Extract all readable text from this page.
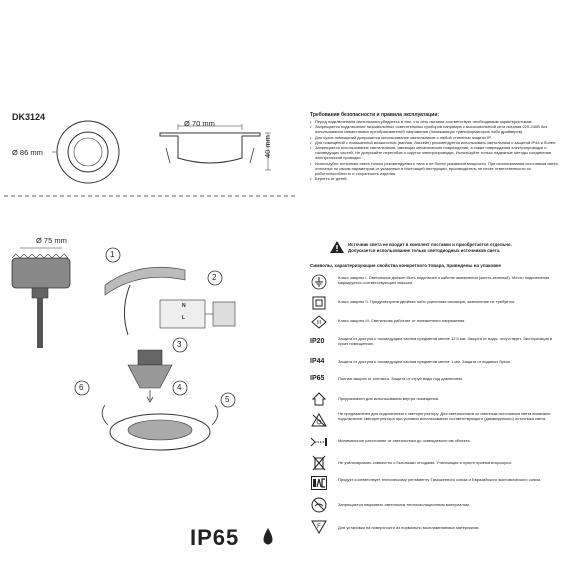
DK3124
Ø 86 mm
Ø 70 mm
40 mm
Ø 75 mm
1
2
3
4
5
6
N
L
IP65
Требования безопасности и правила эксплуатации:
• Перед подключением светильника убедитесь в том, что сеть питания соответствует необходимым характеристикам.
• Запрещается подключение низковольтных осветительных приборов напрямую к высоковольтной сети питания 220-240В без использования совместимых преобразователей напряжения (понижающих трансформаторов либо драйверов).
• Для сухих помещений допускается использование светильников с любой степенью защиты IP.
• Для помещений с повышенной влажностью (ванная, бассейн) рекомендуется использовать светильники с защитой IP44 и более.
• Запрещается использование светильников, имеющих механические повреждения, а также повреждения электропроводки и токоведущих частей. Не допускайте перегибов и скруток электропроводки. Используйте только надежные методы соединения электрической проводки.
• Используйте источники света только рекомендуемого типа и не более указанной мощности. При использовании источников света, отличных по своим параметрам от указанных в настоящей инструкции, производитель не несет ответственности за работоспособность и сохранность изделия.
• Берегть от детей.
Источник света не входит в комплект поставки и приобретается отдельно.
Допускается использование только светодиодных источников света.
Символы, характеризующие свойства конкретного товара, приведены на упаковке
Класс защиты I. Светильник должен быть подключен к кабелю заземления (желто-зеленый). Место подключения маркируется соответствующим значком.
Класс защиты II. Предусмотрена двойная либо усиленная изоляция, заземление не требуется.
III	Класс защиты III. Светильник работает от пониженного напряжения.
IP20	Защита от доступа к токоведущим частям предметов менее 12,5 мм. Защита от воды: отсутствует. Эксплуатация в сухих помещениях.
IP44	Защита от доступа к токоведущим частям предметов менее 1 мм. Защита от водяных брызг.
IP65	Полная защита от контакта. Защита от струй воды под давлением.
Предназначен для использования внутри помещения.
Не предназначен для подключения к светорегулятору. Для светильников со сменным источником света возможно подключение светорегулятора при условии использования соответствующего (диммируемого) источника света.
Минимальное расстояние от светильника до освещаемого им объекта.
Не утилизировать совместно с бытовыми отходами. Утилизация в пункте приема вторсырья.
Продукт соответствует техническому регламенту Таможенного союза и Евразийского экономического союза.
Запрещается накрывать светильник теплоизоляционным материалом.
F	Для установки на поверхности из нормально воспламеняемых материалов.
